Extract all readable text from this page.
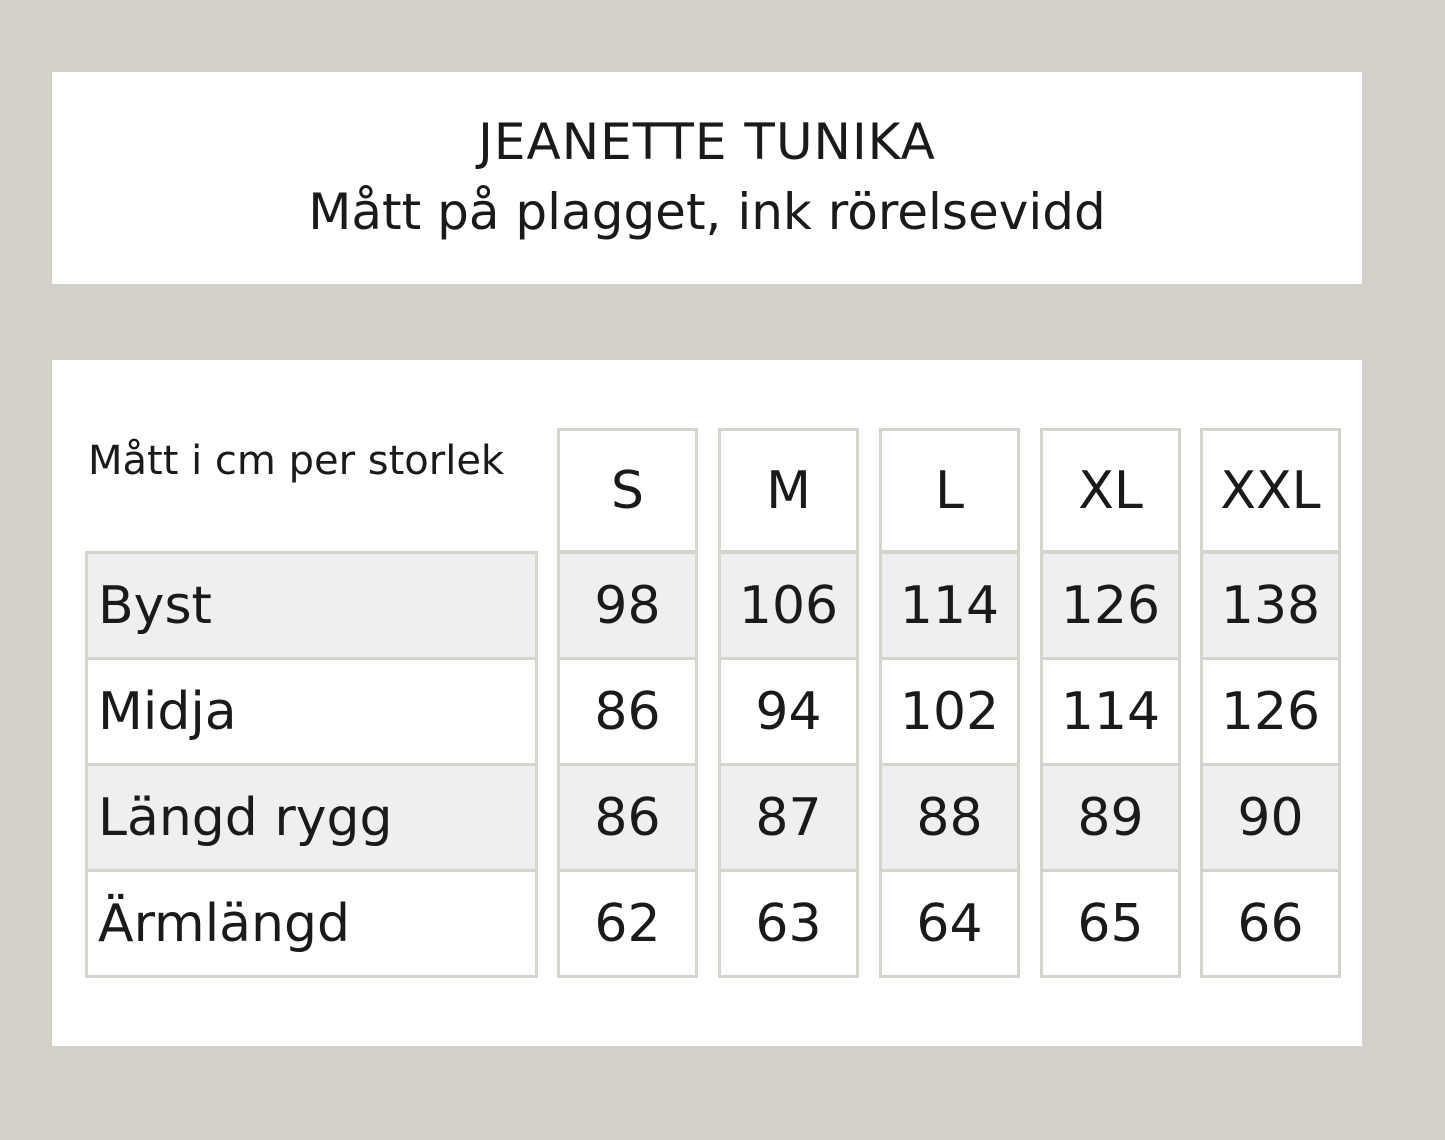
JEANETTE TUNIKA
Mått på plagget, ink rörelsevidd
Mått i cm per storlek	S	M	L	XL	XXL
Byst	98	106	114	126	138
Midja	86	94	102	114	126
Längd rygg	86	87	88	89	90
Ärmlängd	62	63	64	65	66
